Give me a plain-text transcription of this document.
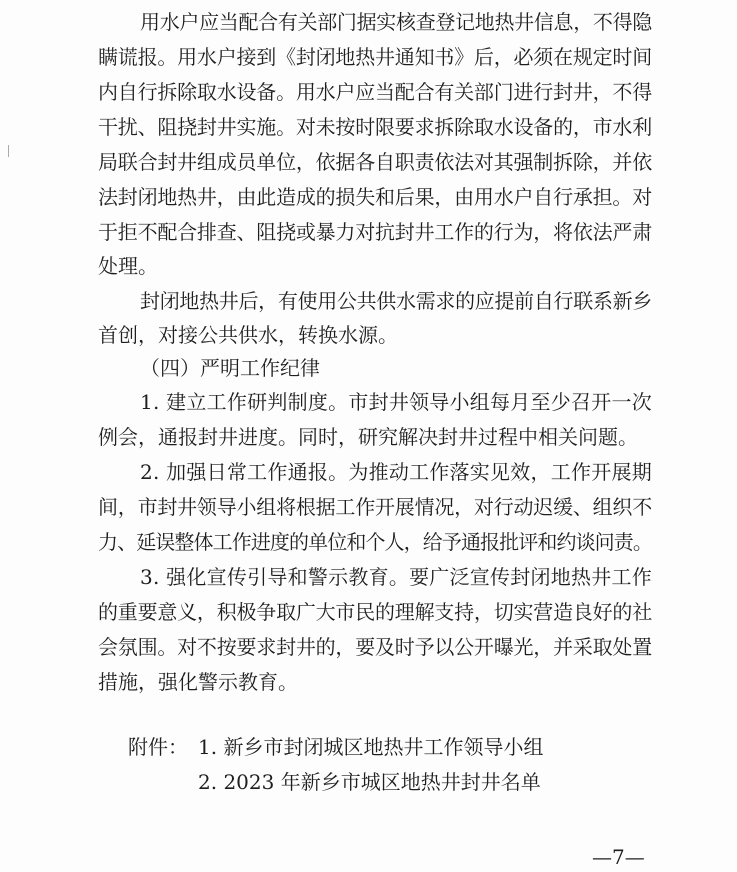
用水户应当配合有关部门据实核查登记地热井信息，不得隐
瞒谎报。用水户接到《封闭地热井通知书》后，必须在规定时间
内自行拆除取水设备。用水户应当配合有关部门进行封井，不得
干扰、阻挠封井实施。对未按时限要求拆除取水设备的，市水利
局联合封井组成员单位，依据各自职责依法对其强制拆除，并依
法封闭地热井，由此造成的损失和后果，由用水户自行承担。对
于拒不配合排查、阻挠或暴力对抗封井工作的行为，将依法严肃
处理。
封闭地热井后，有使用公共供水需求的应提前自行联系新乡
首创，对接公共供水，转换水源。
（四）严明工作纪律
1. 建立工作研判制度。市封井领导小组每月至少召开一次
例会，通报封井进度。同时，研究解决封井过程中相关问题。
2. 加强日常工作通报。为推动工作落实见效，工作开展期
间，市封井领导小组将根据工作开展情况，对行动迟缓、组织不
力、延误整体工作进度的单位和个人，给予通报批评和约谈问责。
3. 强化宣传引导和警示教育。要广泛宣传封闭地热井工作
的重要意义，积极争取广大市民的理解支持，切实营造良好的社
会氛围。对不按要求封井的，要及时予以公开曝光，并采取处置
措施，强化警示教育。
附件： 1. 新乡市封闭城区地热井工作领导小组
2. 2023 年新乡市城区地热井封井名单
—7—
